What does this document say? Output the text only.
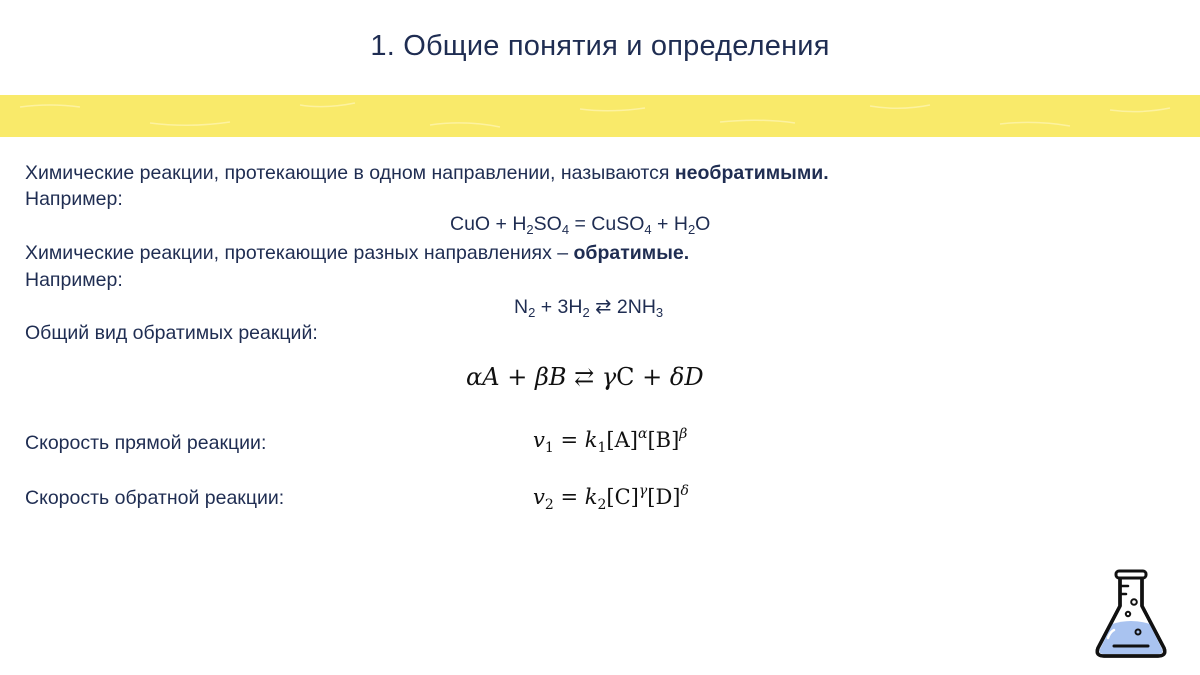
1. Общие понятия и определения
Химические реакции, протекающие в одном направлении, называются необратимыми.
Например:
CuO + $H_2SO_4$ = CuSO$_4$ + $H_2O$
Химические реакции, протекающие разных направлениях – обратимые.
Например:
$N_2 + 3H_2$ ⇄ $2NH_3$
Общий вид обратимых реакций:
αA + βB ⇄ γC + δD
Скорость прямой реакции:	$v_1 = k_1[A]^\alpha[B]^\beta$
Скорость обратной реакции:	$v_2 = k_2[C]^\gamma[D]^\delta$
